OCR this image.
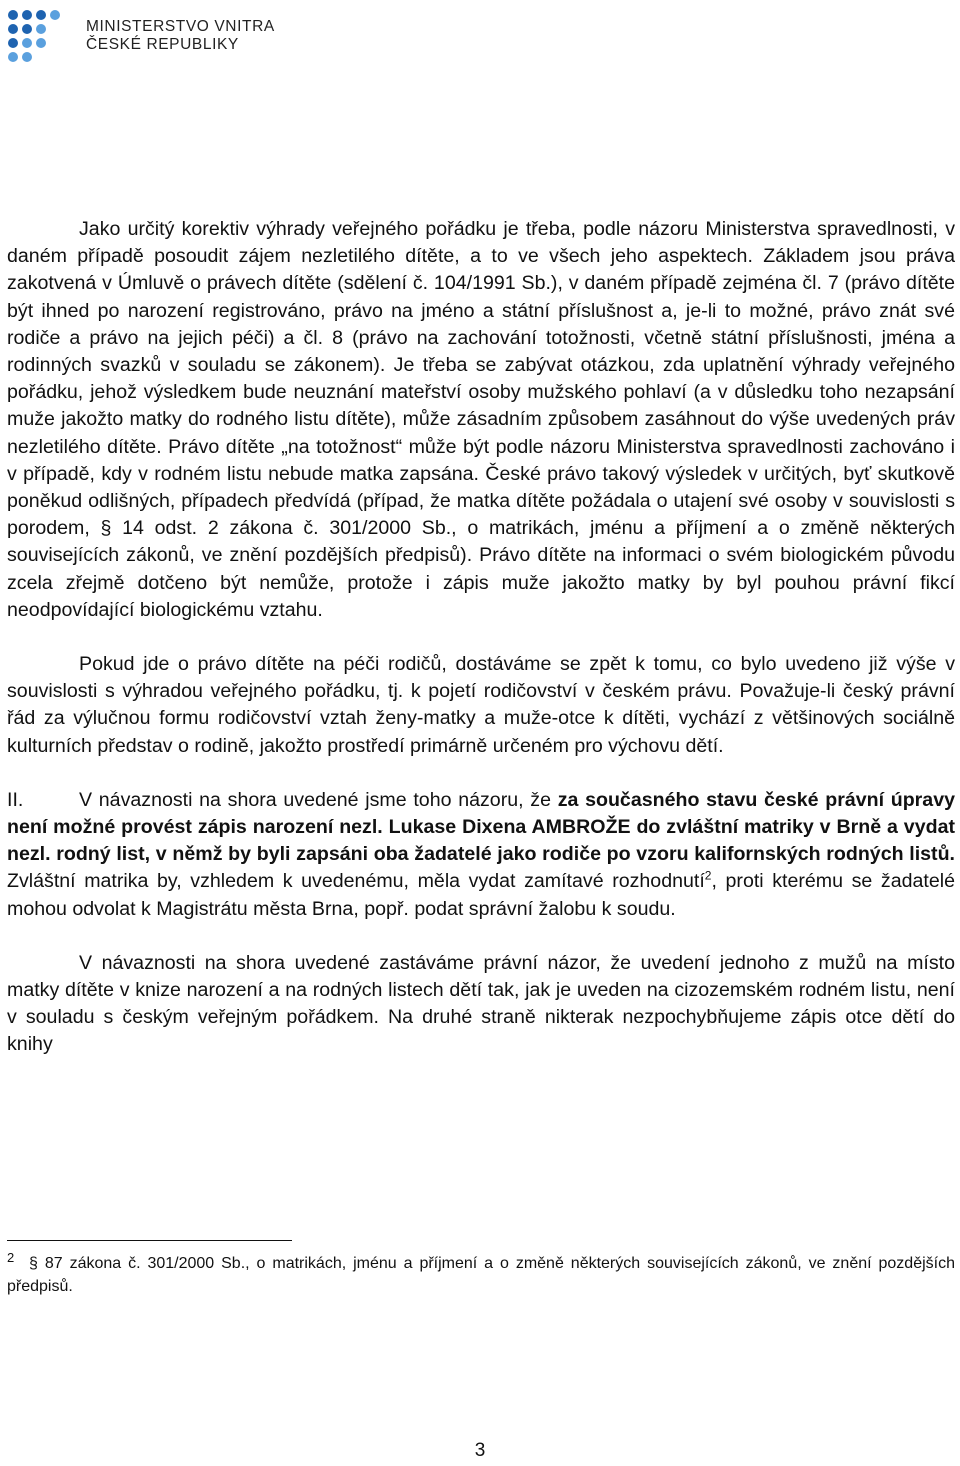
MINISTERSTVO VNITRA
ČESKÉ REPUBLIKY

Jako určitý korektiv výhrady veřejného pořádku je třeba, podle názoru Ministerstva spravedlnosti, v daném případě posoudit zájem nezletilého dítěte, a to ve všech jeho aspektech. Základem jsou práva zakotvená v Úmluvě o právech dítěte (sdělení č. 104/1991 Sb.), v daném případě zejména čl. 7 (právo dítěte být ihned po narození registrováno, právo na jméno a státní příslušnost a, je-li to možné, právo znát své rodiče a právo na jejich péči) a čl. 8 (právo na zachování totožnosti, včetně státní příslušnosti, jména a rodinných svazků v souladu se zákonem). Je třeba se zabývat otázkou, zda uplatnění výhrady veřejného pořádku, jehož výsledkem bude neuznání mateřství osoby mužského pohlaví (a v důsledku toho nezapsání muže jakožto matky do rodného listu dítěte), může zásadním způsobem zasáhnout do výše uvedených práv nezletilého dítěte. Právo dítěte „na totožnost“ může být podle názoru Ministerstva spravedlnosti zachováno i v případě, kdy v rodném listu nebude matka zapsána. České právo takový výsledek v určitých, byť skutkově poněkud odlišných, případech předvídá (případ, že matka dítěte požádala o utajení své osoby v souvislosti s porodem, § 14 odst. 2 zákona č. 301/2000 Sb., o matrikách, jménu a příjmení a o změně některých souvisejících zákonů, ve znění pozdějších předpisů). Právo dítěte na informaci o svém biologickém původu zcela zřejmě dotčeno být nemůže, protože i zápis muže jakožto matky by byl pouhou právní fikcí neodpovídající biologickému vztahu.

Pokud jde o právo dítěte na péči rodičů, dostáváme se zpět k tomu, co bylo uvedeno již výše v souvislosti s výhradou veřejného pořádku, tj. k pojetí rodičovství v českém právu. Považuje-li český právní řád za výlučnou formu rodičovství vztah ženy-matky a muže-otce k dítěti, vychází z většinových sociálně kulturních představ o rodině, jakožto prostředí primárně určeném pro výchovu dětí.

II.	V návaznosti na shora uvedené jsme toho názoru, že za současného stavu české právní úpravy není možné provést zápis narození nezl. Lukase Dixena AMBROŽE do zvláštní matriky v Brně a vydat nezl. rodný list, v němž by byli zapsáni oba žadatelé jako rodiče po vzoru kalifornských rodných listů. Zvláštní matrika by, vzhledem k uvedenému, měla vydat zamítavé rozhodnutí$^2$, proti kterému se žadatelé mohou odvolat k Magistrátu města Brna, popř. podat správní žalobu k soudu.

V návaznosti na shora uvedené zastáváme právní názor, že uvedení jednoho z mužů na místo matky dítěte v knize narození a na rodných listech dětí tak, jak je uveden na cizozemském rodném listu, není v souladu s českým veřejným pořádkem. Na druhé straně nikterak nezpochybňujeme zápis otce dětí do knihy

2 § 87 zákona č. 301/2000 Sb., o matrikách, jménu a příjmení a o změně některých souvisejících zákonů, ve znění pozdějších předpisů.
3
